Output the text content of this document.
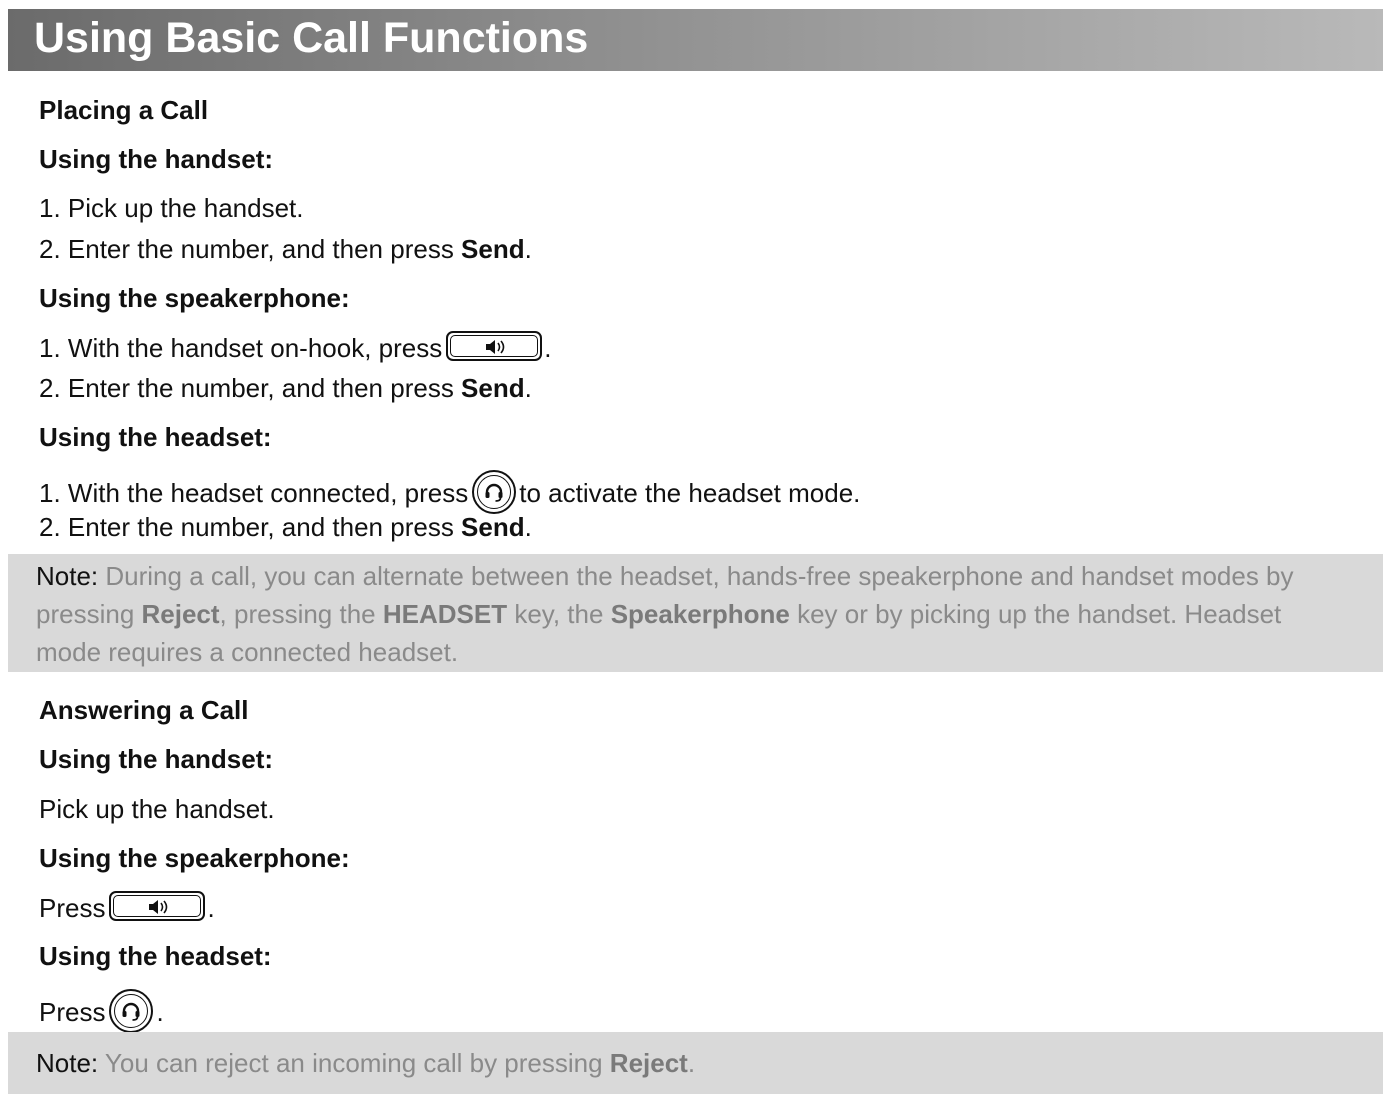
Using Basic Call Functions
Placing a Call
Using the handset:
1. Pick up the handset.
2. Enter the number, and then press Send.
Using the speakerphone:
1. With the handset on-hook, press	.
2. Enter the number, and then press Send.
Using the headset:
1. With the headset connected, press to activate the headset mode.
2. Enter the number, and then press Send.
Note: During a call, you can alternate between the headset, hands-free speakerphone and handset modes by
pressing Reject, pressing the HEADSET key, the Speakerphone key or by picking up the handset. Headset
mode requires a connected headset.
Answering a Call
Using the handset:
Pick up the handset.
Using the speakerphone:
Press	.
Using the headset:
Press .
Note: You can reject an incoming call by pressing Reject.
